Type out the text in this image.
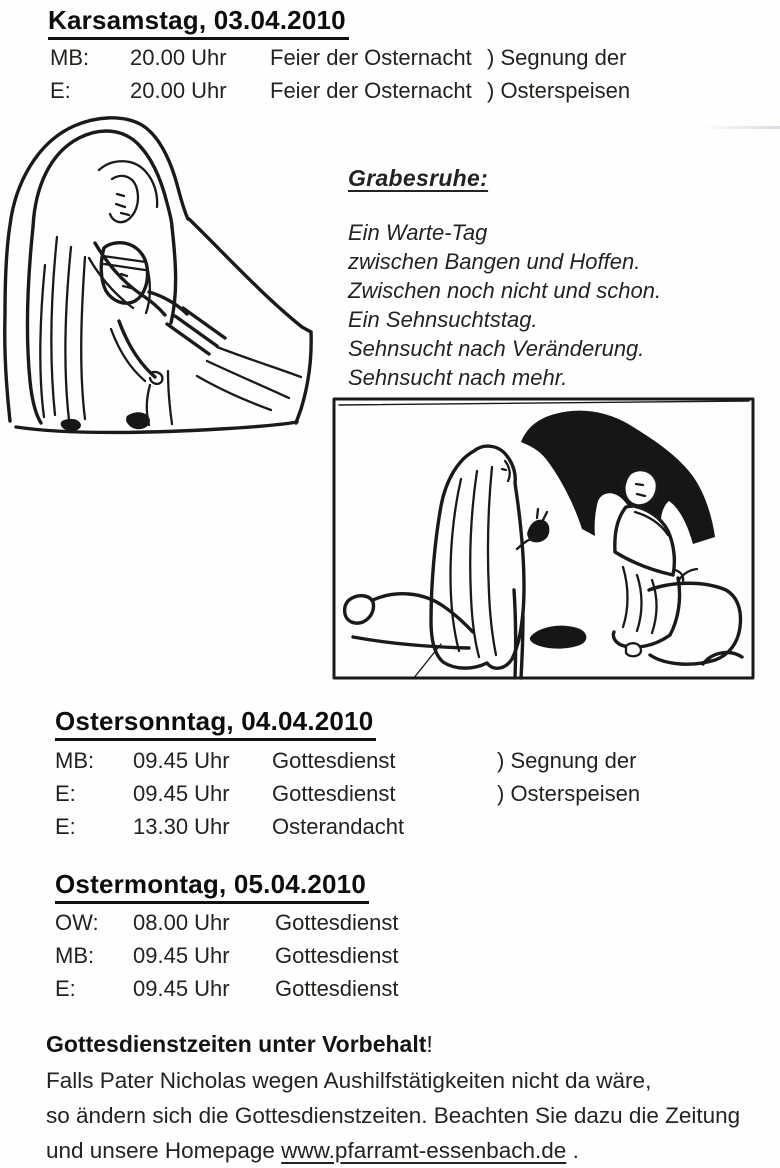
Karsamstag, 03.04.2010
MB:	20.00 Uhr	Feier der Osternacht ) Segnung der
E:	20.00 Uhr	Feier der Osternacht ) Osterspeisen
Grabesruhe:
Ein Warte-Tag
zwischen Bangen und Hoffen.
Zwischen noch nicht und schon.
Ein Sehnsuchtstag.
Sehnsucht nach Veränderung.
Sehnsucht nach mehr.
Ostersonntag, 04.04.2010
MB:	09.45 Uhr	Gottesdienst	) Segnung der
E:	09.45 Uhr	Gottesdienst	) Osterspeisen
E:	13.30 Uhr	Osterandacht
Ostermontag, 05.04.2010
OW:	08.00 Uhr	Gottesdienst
MB:	09.45 Uhr	Gottesdienst
E:	09.45 Uhr	Gottesdienst
Gottesdienstzeiten unter Vorbehalt!
Falls Pater Nicholas wegen Aushilfstätigkeiten nicht da wäre,
so ändern sich die Gottesdienstzeiten. Beachten Sie dazu die Zeitung
und unsere Homepage www.pfarramt-essenbach.de .
